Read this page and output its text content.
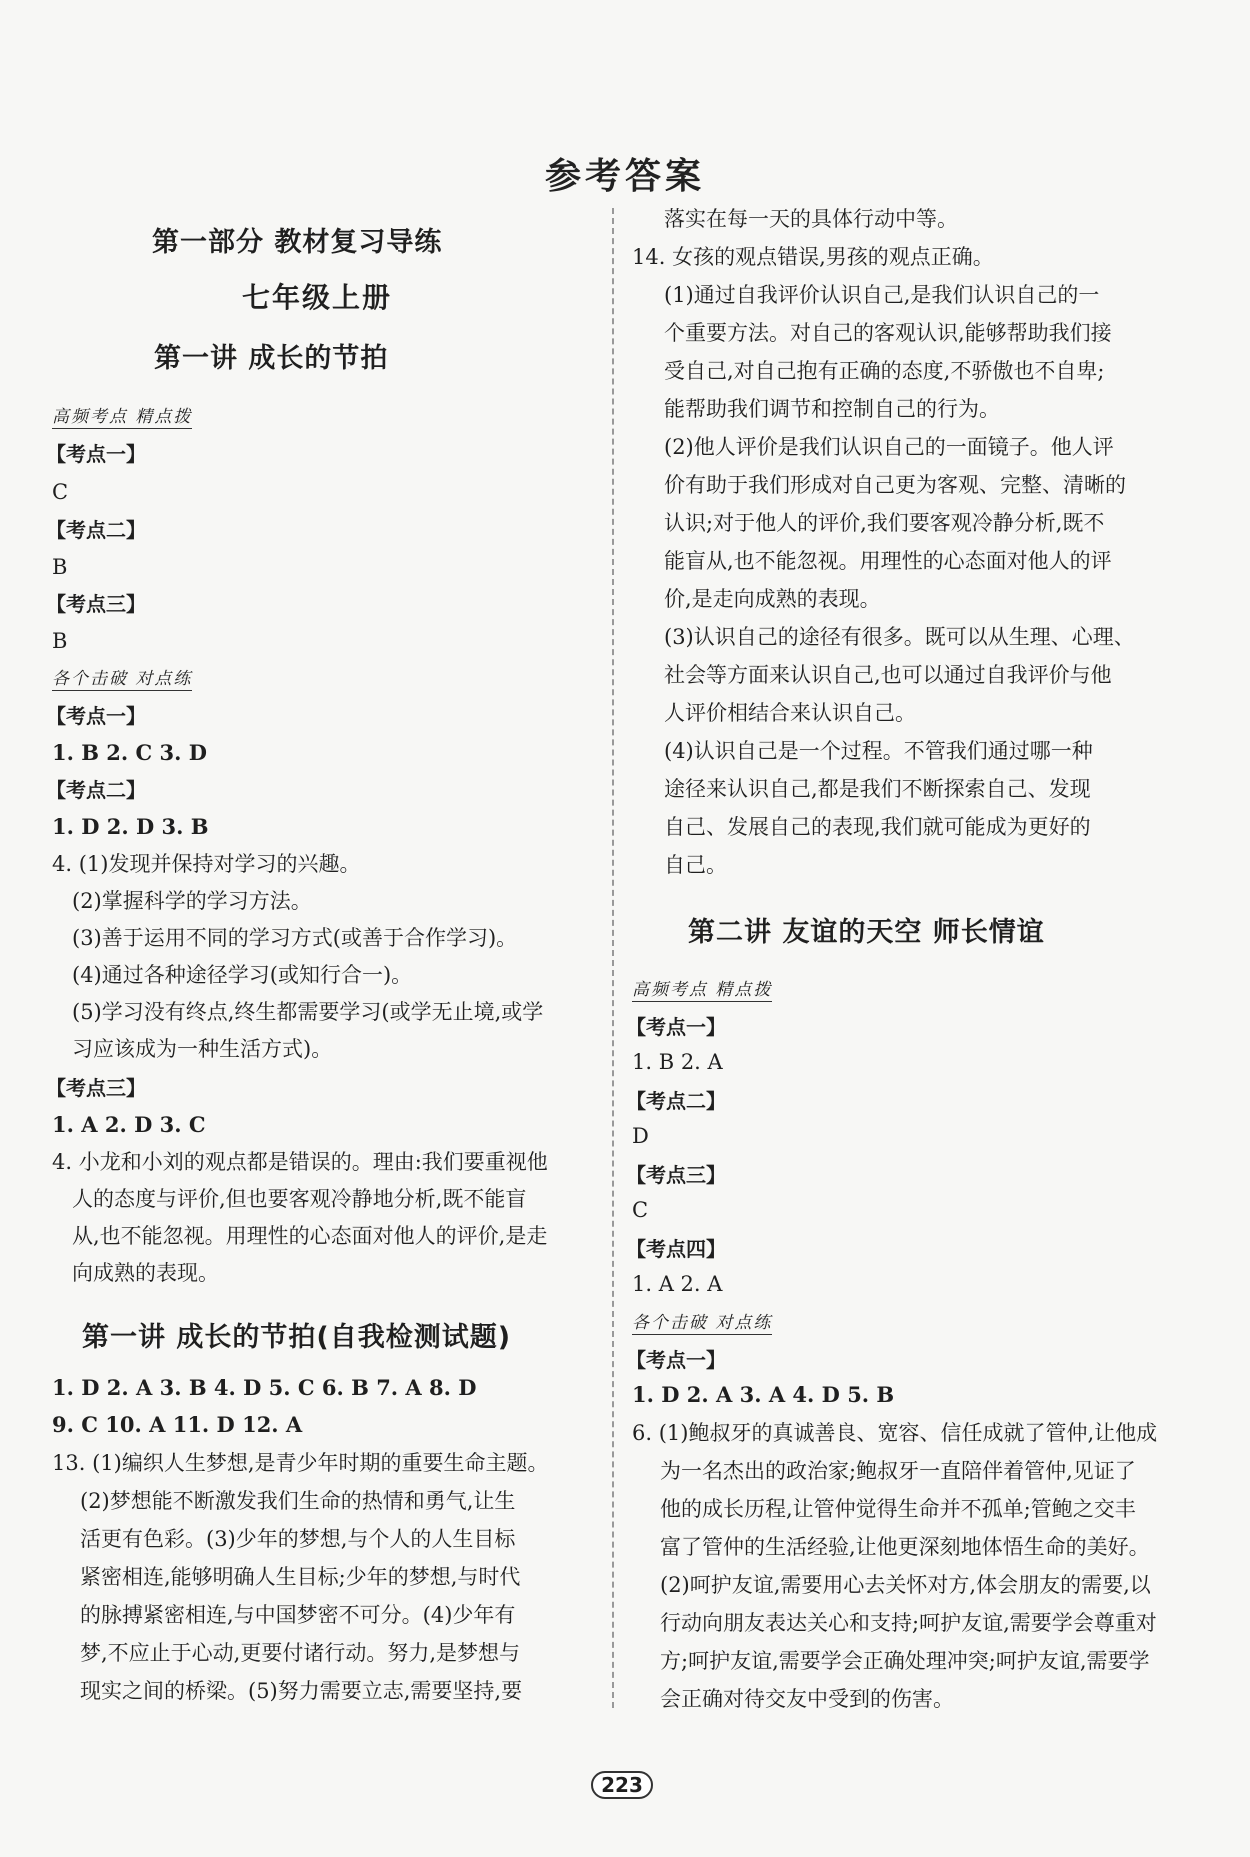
参考答案
第一部分 教材复习导练
七年级上册
第一讲 成长的节拍
高频考点 精点拨
【考点一】
C
【考点二】
B
【考点三】
B
各个击破 对点练
【考点一】
1. B 2. C 3. D
【考点二】
1. D 2. D 3. B
4. (1)发现并保持对学习的兴趣。
(2)掌握科学的学习方法。
(3)善于运用不同的学习方式(或善于合作学习)。
(4)通过各种途径学习(或知行合一)。
(5)学习没有终点,终生都需要学习(或学无止境,或学
习应该成为一种生活方式)。
【考点三】
1. A 2. D 3. C
4. 小龙和小刘的观点都是错误的。理由:我们要重视他
人的态度与评价,但也要客观冷静地分析,既不能盲
从,也不能忽视。用理性的心态面对他人的评价,是走
向成熟的表现。
第一讲 成长的节拍(自我检测试题)
1. D 2. A 3. B 4. D 5. C 6. B 7. A 8. D
9. C 10. A 11. D 12. A
13. (1)编织人生梦想,是青少年时期的重要生命主题。
(2)梦想能不断激发我们生命的热情和勇气,让生
活更有色彩。(3)少年的梦想,与个人的人生目标
紧密相连,能够明确人生目标;少年的梦想,与时代
的脉搏紧密相连,与中国梦密不可分。(4)少年有
梦,不应止于心动,更要付诸行动。努力,是梦想与
现实之间的桥梁。(5)努力需要立志,需要坚持,要
落实在每一天的具体行动中等。
14. 女孩的观点错误,男孩的观点正确。
(1)通过自我评价认识自己,是我们认识自己的一
个重要方法。对自己的客观认识,能够帮助我们接
受自己,对自己抱有正确的态度,不骄傲也不自卑;
能帮助我们调节和控制自己的行为。
(2)他人评价是我们认识自己的一面镜子。他人评
价有助于我们形成对自己更为客观、完整、清晰的
认识;对于他人的评价,我们要客观冷静分析,既不
能盲从,也不能忽视。用理性的心态面对他人的评
价,是走向成熟的表现。
(3)认识自己的途径有很多。既可以从生理、心理、
社会等方面来认识自己,也可以通过自我评价与他
人评价相结合来认识自己。
(4)认识自己是一个过程。不管我们通过哪一种
途径来认识自己,都是我们不断探索自己、发现
自己、发展自己的表现,我们就可能成为更好的
自己。
第二讲 友谊的天空 师长情谊
高频考点 精点拨
【考点一】
1. B 2. A
【考点二】
D
【考点三】
C
【考点四】
1. A 2. A
各个击破 对点练
【考点一】
1. D 2. A 3. A 4. D 5. B
6. (1)鲍叔牙的真诚善良、宽容、信任成就了管仲,让他成
为一名杰出的政治家;鲍叔牙一直陪伴着管仲,见证了
他的成长历程,让管仲觉得生命并不孤单;管鲍之交丰
富了管仲的生活经验,让他更深刻地体悟生命的美好。
(2)呵护友谊,需要用心去关怀对方,体会朋友的需要,以
行动向朋友表达关心和支持;呵护友谊,需要学会尊重对
方;呵护友谊,需要学会正确处理冲突;呵护友谊,需要学
会正确对待交友中受到的伤害。
223
